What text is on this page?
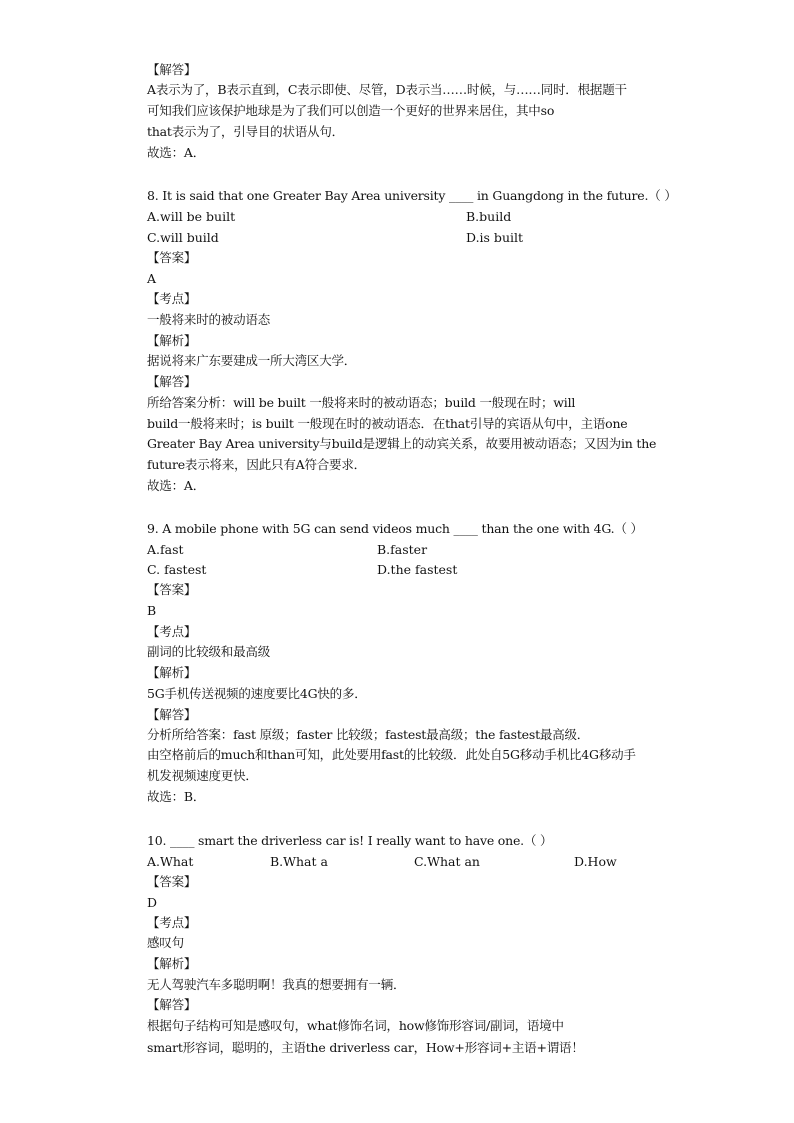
【解答】
A表示为了，B表示直到，C表示即使、尽管，D表示当……时候，与……同时．根据题干
可知我们应该保护地球是为了我们可以创造一个更好的世界来居住，其中so
that表示为了，引导目的状语从句．
故选：A．
8. It is said that one Greater Bay Area university ____ in Guangdong in the future.（ ）
A.will be built	B.build
C.will build	D.is built
【答案】
A
【考点】
一般将来时的被动语态
【解析】
据说将来广东要建成一所大湾区大学．
【解答】
所给答案分析：will be built 一般将来时的被动语态；build 一般现在时；will
build一般将来时；is built 一般现在时的被动语态．在that引导的宾语从句中，主语one
Greater Bay Area university与build是逻辑上的动宾关系，故要用被动语态；又因为in the
future表示将来，因此只有A符合要求．
故选：A．
9. A mobile phone with 5G can send videos much ____ than the one with 4G.（ ）
A.fast	B.faster
C. fastest	D.the fastest
【答案】
B
【考点】
副词的比较级和最高级
【解析】
5G手机传送视频的速度要比4G快的多．
【解答】
分析所给答案：fast 原级；faster 比较级；fastest最高级；the fastest最高级．
由空格前后的much和than可知，此处要用fast的比较级．此处自5G移动手机比4G移动手
机发视频速度更快．
故选：B．
10. ____ smart the driverless car is! I really want to have one.（ ）
A.What	B.What a	C.What an	D.How
【答案】
D
【考点】
感叹句
【解析】
无人驾驶汽车多聪明啊！我真的想要拥有一辆．
【解答】
根据句子结构可知是感叹句，what修饰名词，how修饰形容词/副词，语境中
smart形容词，聪明的，主语the driverless car，How+形容词+主语+谓语！
